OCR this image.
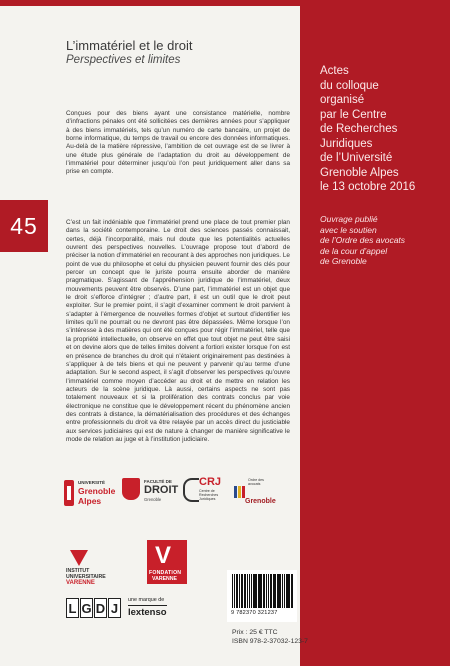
L’immatériel et le droit
Perspectives et limites
45
Conçues pour des biens ayant une consistance matérielle, nombre d’infractions pénales ont été sollicitées ces dernières années pour s’appliquer à des biens immatériels, tels qu’un numéro de carte bancaire, un projet de borne informatique, du temps de travail ou encore des données informatiques. Au-delà de la matière répressive, l’ambition de cet ouvrage est de se livrer à une étude plus générale de l’adaptation du droit au développement de l’immatériel pour déterminer jusqu’où l’on peut juridiquement aller dans sa prise en compte.
C’est un fait indéniable que l’immatériel prend une place de tout premier plan dans la société contemporaine. Le droit des sciences passés connaissait, certes, déjà l’incorporalité, mais nul doute que les potentialités actuelles ouvrent des perspectives nouvelles. L’ouvrage propose tout d’abord de préciser la notion d’immatériel en recourant à des approches non juridiques. Le point de vue du philosophe et celui du physicien peuvent fournir des clés pour percer un concept que le juriste pourra ensuite aborder de manière pragmatique. S’agissant de l’appréhension juridique de l’immatériel, deux mouvements peuvent être observés. D’une part, l’immatériel est un objet que le droit s’efforce d’intégrer ; d’autre part, il est un outil que le droit peut exploiter. Sur le premier point, il s’agit d’examiner comment le droit parvient à s’adapter à l’émergence de nouvelles formes d’objet et surtout d’identifier les limites qu’il ne pourrait ou ne devront pas être dépassées. Même lorsque l’on s’intéresse à des matières qui ont été conçues pour régir l’immatériel, telle que la propriété intellectuelle, on observe en effet que tout objet ne peut être saisi et on devine alors que de telles limites doivent a fortiori exister lorsque l’on est en présence de branches du droit qui n’étaient originairement pas destinées à s’appliquer à de tels biens et qui ne peuvent y parvenir qu’au terme d’une adaptation. Sur le second aspect, il s’agit d’observer les perspectives qu’ouvre l’immatériel comme moyen d’accéder au droit et de mettre en relation les acteurs de la scène juridique. Là aussi, certains aspects ne sont pas totalement nouveaux et si la prolifération des contrats conclus par voie électronique ne constitue que le développement récent du phénomène ancien des contrats à distance, la dématérialisation des procédures et des échanges entre professionnels du droit va être relayée par un accès direct du justiciable aux services judiciaires qui est de nature à changer de manière significative le mode de relation au juge et à l’institution judiciaire.
Actes
du colloque
organisé
par le Centre
de Recherches
Juridiques
de l’Université
Grenoble Alpes
le 13 octobre 2016
Ouvrage publié
avec le soutien
de l’Ordre des avocats
de la cour d’appel
de Grenoble
UNIVERSITÉ
Grenoble
Alpes
FACULTÉ DE
DROIT
Grenoble
CRJ
Centre de Recherches Juridiques
Ordre des avocats
Grenoble
INSTITUT
UNIVERSITAIRE
VARENNE
V
FONDATION
VARENNE
L G D J
une marque de
lextenso	9 782370 321237
Prix : 25 € TTC
ISBN 978-2-37032-123-7
